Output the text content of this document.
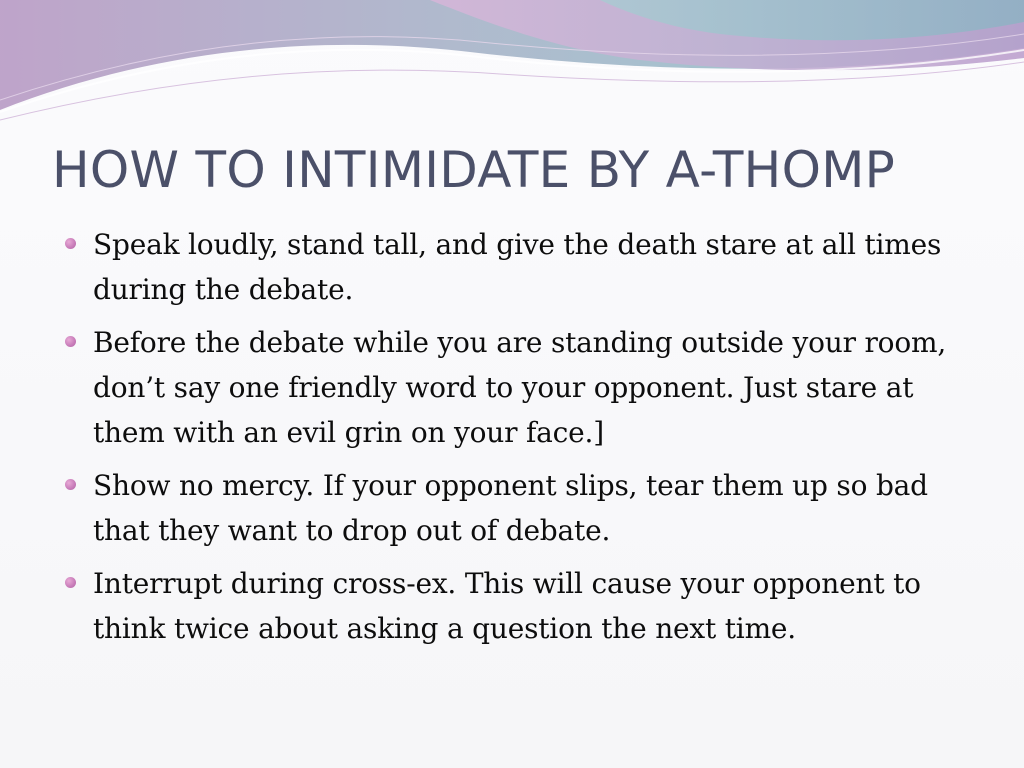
HOW TO INTIMIDATE BY A-THOMP
Speak loudly, stand tall, and give the death stare at all times during the debate.
Before the debate while you are standing outside your room, don’t say one friendly word to your opponent. Just stare at them with an evil grin on your face.]
Show no mercy. If your opponent slips, tear them up so bad that they want to drop out of debate.
Interrupt during cross-ex. This will cause your opponent to think twice about asking a question the next time.
